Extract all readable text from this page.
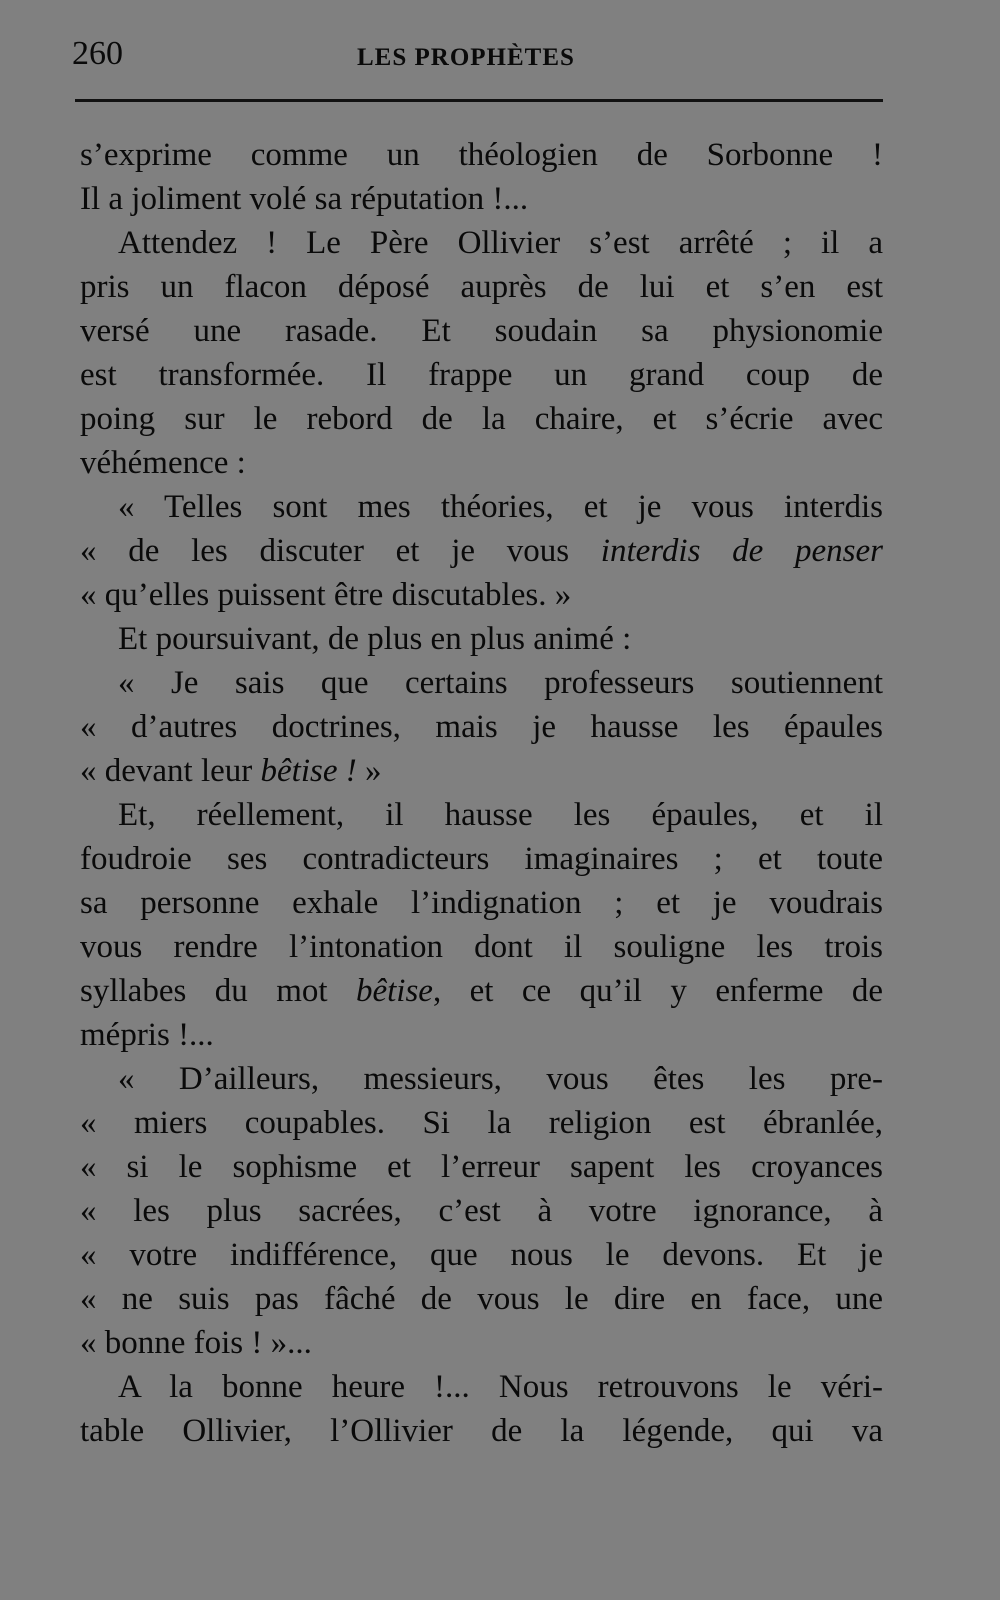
260	LES PROPHÈTES
s’exprime comme un théologien de Sorbonne !
Il a joliment volé sa réputation !...
Attendez ! Le Père Ollivier s’est arrêté ; il a
pris un flacon déposé auprès de lui et s’en est
versé une rasade. Et soudain sa physionomie
est transformée. Il frappe un grand coup de
poing sur le rebord de la chaire, et s’écrie avec
véhémence :
« Telles sont mes théories, et je vous interdis
« de les discuter et je vous interdis de penser
« qu’elles puissent être discutables. »
Et poursuivant, de plus en plus animé :
« Je sais que certains professeurs soutiennent
« d’autres doctrines, mais je hausse les épaules
« devant leur bêtise ! »
Et, réellement, il hausse les épaules, et il
foudroie ses contradicteurs imaginaires ; et toute
sa personne exhale l’indignation ; et je voudrais
vous rendre l’intonation dont il souligne les trois
syllabes du mot bêtise, et ce qu’il y enferme de
mépris !...
« D’ailleurs, messieurs, vous êtes les pre-
« miers coupables. Si la religion est ébranlée,
« si le sophisme et l’erreur sapent les croyances
« les plus sacrées, c’est à votre ignorance, à
« votre indifférence, que nous le devons. Et je
« ne suis pas fâché de vous le dire en face, une
« bonne fois ! »...
A la bonne heure !... Nous retrouvons le véri-
table Ollivier, l’Ollivier de la légende, qui va
